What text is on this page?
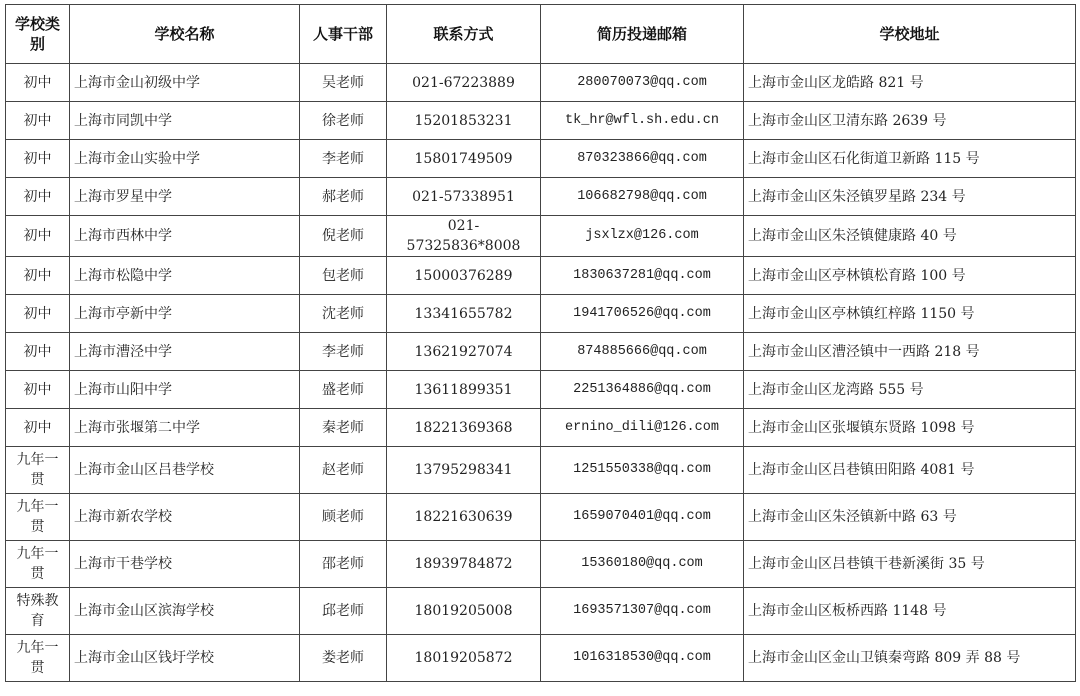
学校类别	学校名称	人事干部	联系方式	简历投递邮箱	学校地址
初中	上海市金山初级中学	吴老师	021-67223889	280070073@qq.com	上海市金山区龙皓路 821 号
初中	上海市同凯中学	徐老师	15201853231	tk_hr@wfl.sh.edu.cn	上海市金山区卫清东路 2639 号
初中	上海市金山实验中学	李老师	15801749509	870323866@qq.com	上海市金山区石化街道卫新路 115 号
初中	上海市罗星中学	郝老师	021-57338951	106682798@qq.com	上海市金山区朱泾镇罗星路 234 号
初中	上海市西林中学	倪老师	021-57325836*8008	jsxlzx@126.com	上海市金山区朱泾镇健康路 40 号
初中	上海市松隐中学	包老师	15000376289	1830637281@qq.com	上海市金山区亭林镇松育路 100 号
初中	上海市亭新中学	沈老师	13341655782	1941706526@qq.com	上海市金山区亭林镇红梓路 1150 号
初中	上海市漕泾中学	李老师	13621927074	874885666@qq.com	上海市金山区漕泾镇中一西路 218 号
初中	上海市山阳中学	盛老师	13611899351	2251364886@qq.com	上海市金山区龙湾路 555 号
初中	上海市张堰第二中学	秦老师	18221369368	ernino_dili@126.com	上海市金山区张堰镇东贤路 1098 号
九年一贯	上海市金山区吕巷学校	赵老师	13795298341	1251550338@qq.com	上海市金山区吕巷镇田阳路 4081 号
九年一贯	上海市新农学校	顾老师	18221630639	1659070401@qq.com	上海市金山区朱泾镇新中路 63 号
九年一贯	上海市干巷学校	邵老师	18939784872	15360180@qq.com	上海市金山区吕巷镇干巷新溪街 35 号
特殊教育	上海市金山区滨海学校	邱老师	18019205008	1693571307@qq.com	上海市金山区板桥西路 1148 号
九年一贯	上海市金山区钱圩学校	娄老师	18019205872	1016318530@qq.com	上海市金山区金山卫镇秦弯路 809 弄 88 号
